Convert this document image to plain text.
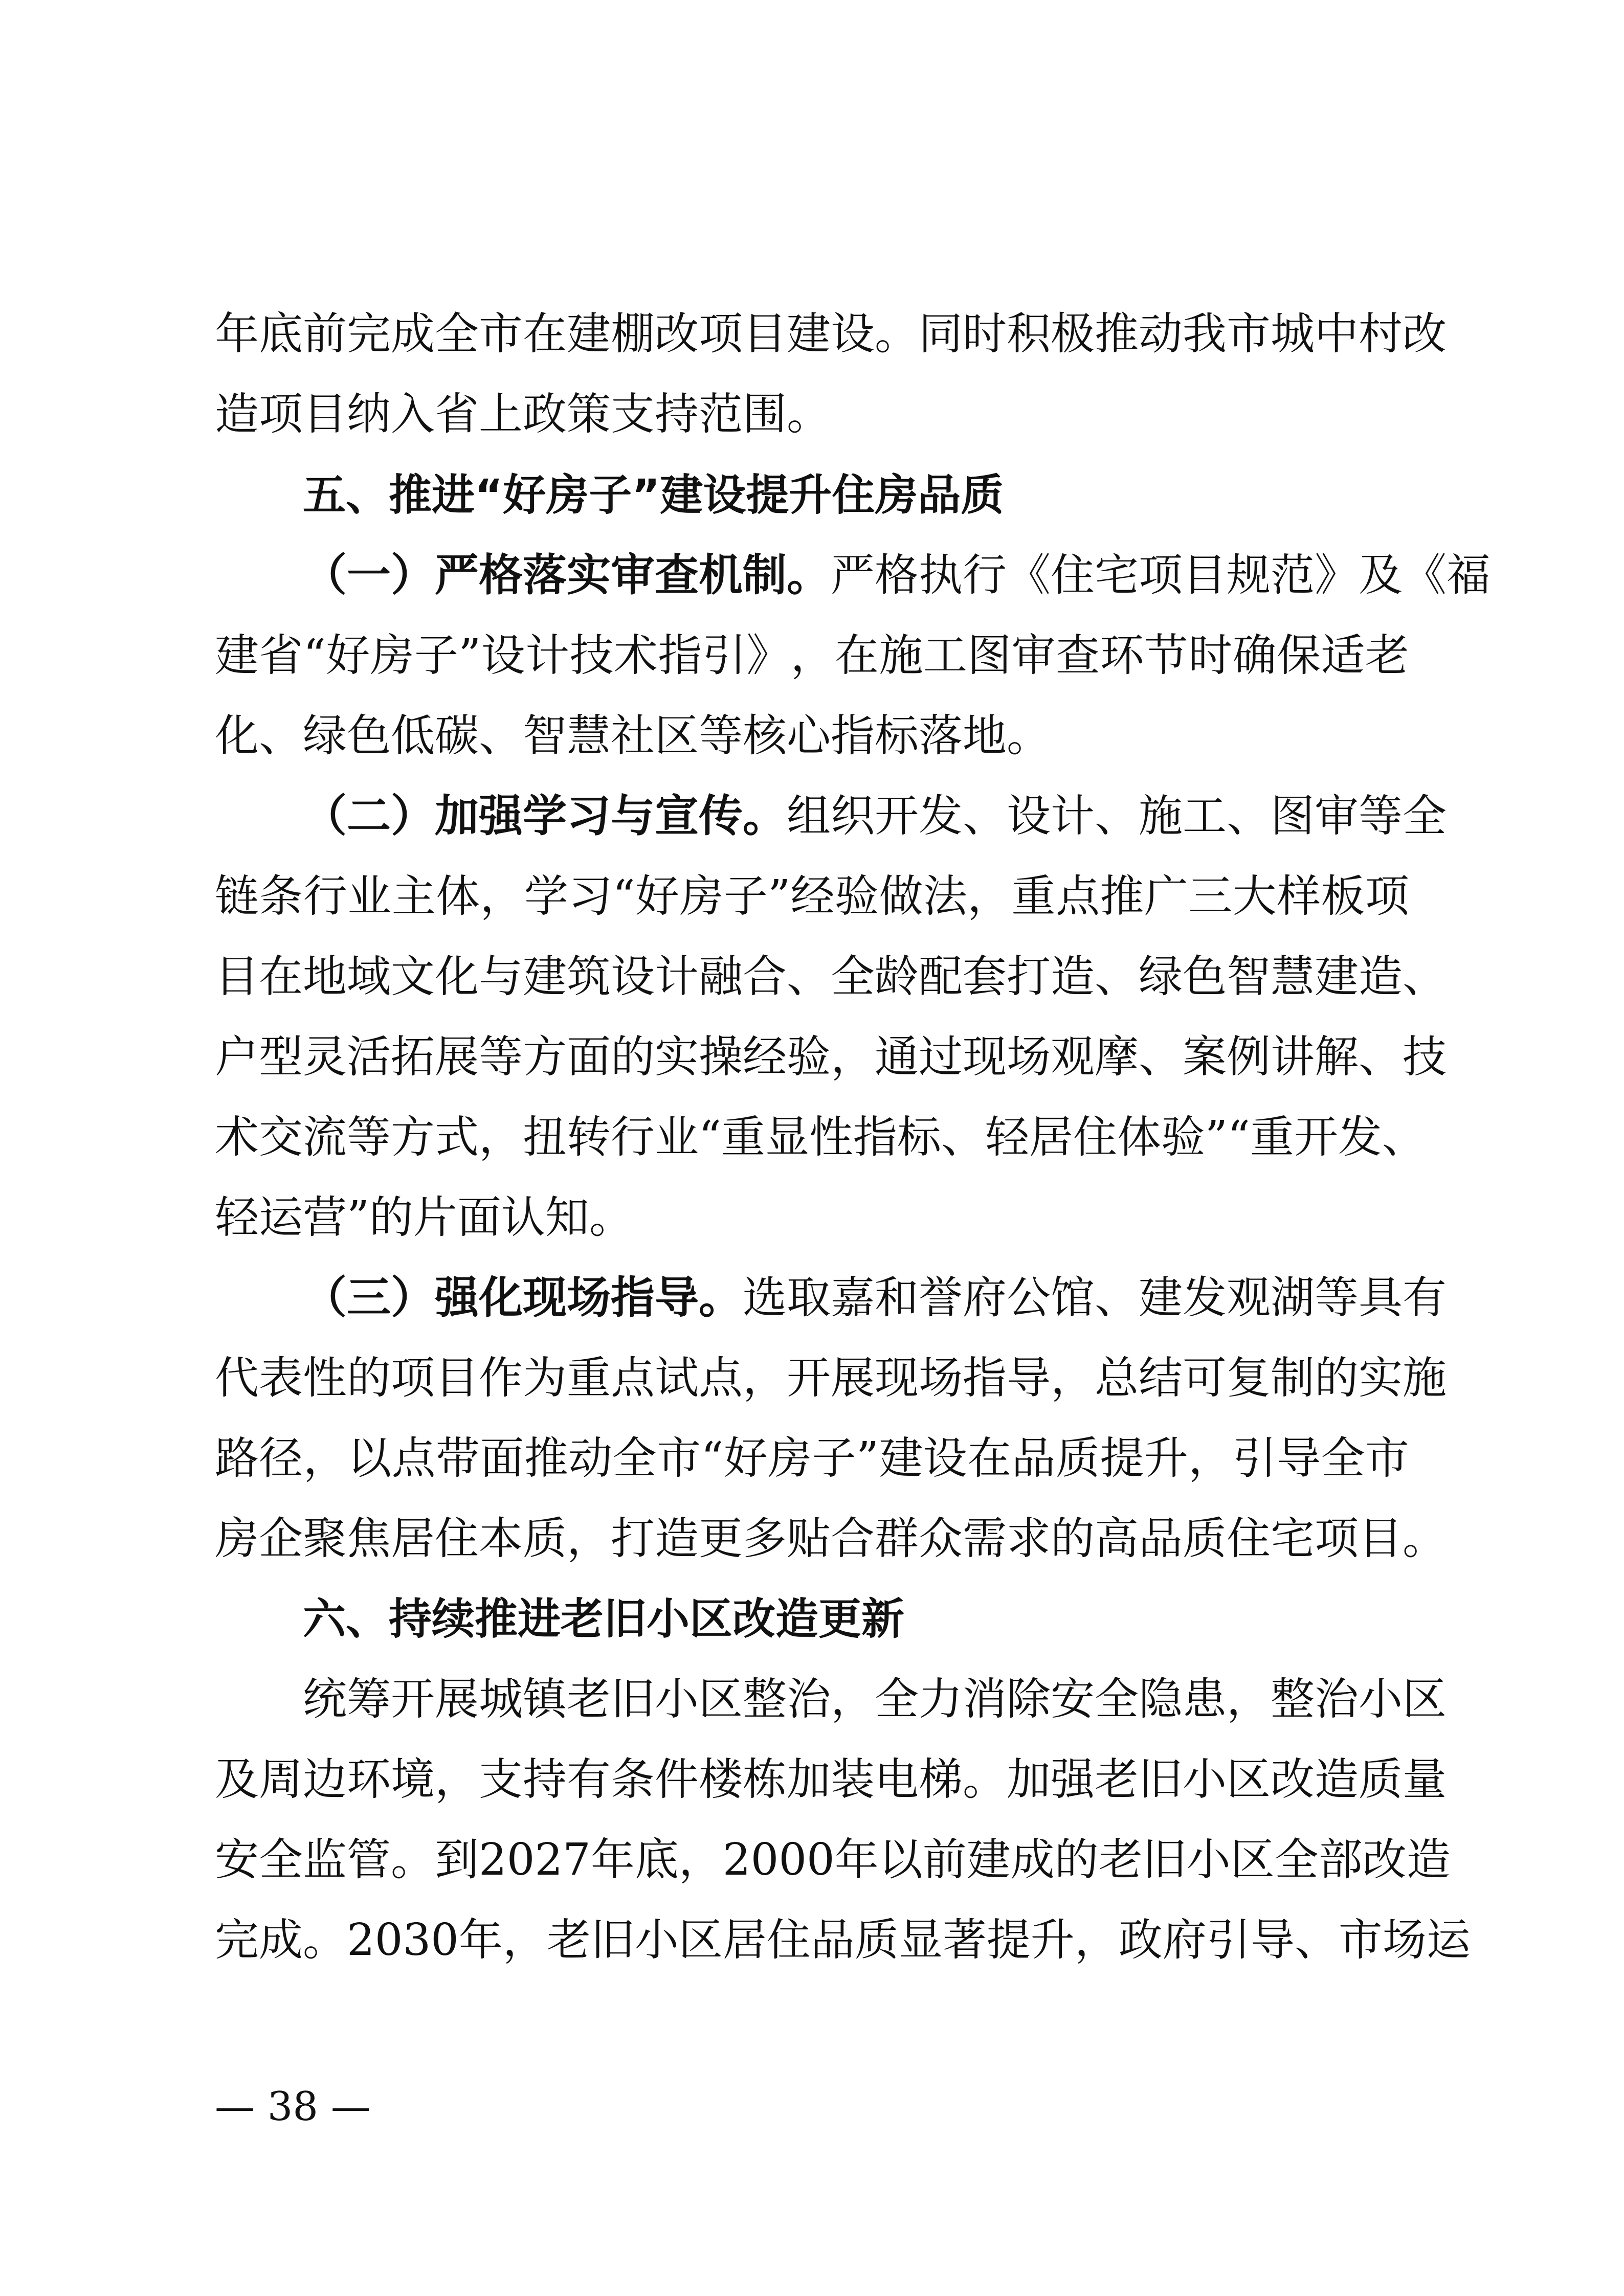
年 底 前 完 成 全 市 在 建 棚 改 项 目 建 设 。 同 时 积 极 推 动 我 市 城 中 村 改
造项目纳入省上政策支持范围。
五、推进“好房子”建设提升住房品质
（ 一 ） 严 格 落 实 审 查 机 制 。 严 格 执 行 《 住 宅 项 目 规 范 》 及 《 福
建 省 “ 好 房 子 ” 设 计 技 术 指 引 》 ， 在 施 工 图 审 查 环 节 时 确 保 适 老
化、绿色低碳、智慧社区等核心指标落地。
（ 二 ） 加 强 学 习 与 宣 传 。 组 织 开 发 、 设 计 、 施 工 、 图 审 等 全
链 条 行 业 主 体 ， 学 习 “ 好 房 子 ” 经 验 做 法 ， 重 点 推 广 三 大 样 板 项
目 在 地 域 文 化 与 建 筑 设 计 融 合 、 全 龄 配 套 打 造 、 绿 色 智 慧 建 造 、
户 型 灵 活 拓 展 等 方 面 的 实 操 经 验 ， 通 过 现 场 观 摩 、 案 例 讲 解 、 技
术 交 流 等 方 式 ， 扭 转 行 业 “ 重 显 性 指 标 、 轻 居 住 体 验 ” “ 重 开 发 、
轻运营”的片面认知。
（ 三 ） 强 化 现 场 指 导 。 选 取 嘉 和 誉 府 公 馆 、 建 发 观 湖 等 具 有
代 表 性 的 项 目 作 为 重 点 试 点 ， 开 展 现 场 指 导 ， 总 结 可 复 制 的 实 施
路 径 ， 以 点 带 面 推 动 全 市 “ 好 房 子 ” 建 设 在 品 质 提 升 ， 引 导 全 市
房 企 聚 焦 居 住 本 质 ， 打 造 更 多 贴 合 群 众 需 求 的 高 品 质 住 宅 项 目 。
六、持续推进老旧小区改造更新
统 筹 开 展 城 镇 老 旧 小 区 整 治 ， 全 力 消 除 安 全 隐 患 ， 整 治 小 区
及 周 边 环 境 ， 支 持 有 条 件 楼 栋 加 装 电 梯 。 加 强 老 旧 小 区 改 造 质 量
安 全 监 管 。 到 2 0 2 7 年 底 ， 2 0 0 0 年 以 前 建 成 的 老 旧 小 区 全 部 改 造
完 成 。 2 0 3 0 年 ， 老 旧 小 区 居 住 品 质 显 著 提 升 ， 政 府 引 导 、 市 场 运
— 38 —
